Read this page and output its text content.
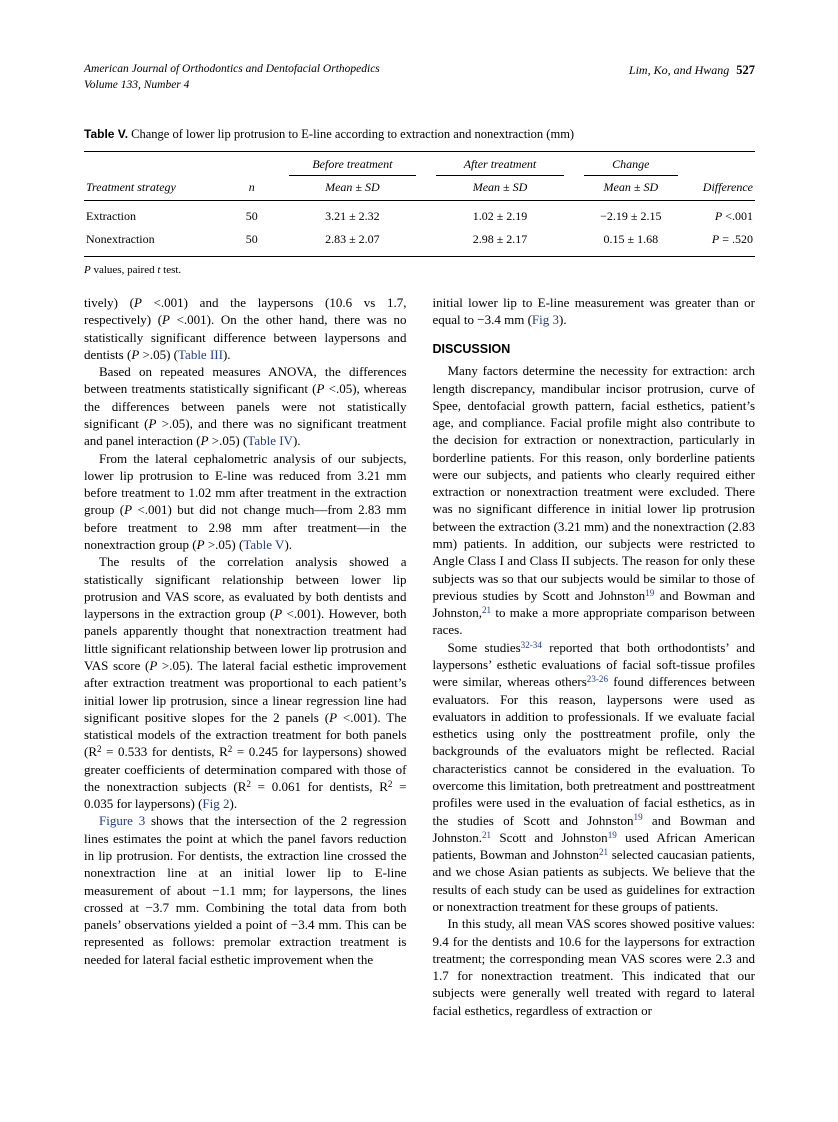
American Journal of Orthodontics and Dentofacial Orthopedics
Volume 133, Number 4
Lim, Ko, and Hwang 527

Table V. Change of lower lip protrusion to E-line according to extraction and nonextraction (mm)

		Before treatment	After treatment	Change	

Treatment strategy	n	Mean ± SD	Mean ± SD	Mean ± SD	Difference
Extraction	50	3.21 ± 2.32	1.02 ± 2.19	−2.19 ± 2.15	P <.001
Nonextraction	50	2.83 ± 2.07	2.98 ± 2.17	0.15 ± 1.68	P = .520

P values, paired t test.

tively) (P <.001) and the laypersons (10.6 vs 1.7, respectively) (P <.001). On the other hand, there was no statistically significant difference between laypersons and dentists (P >.05) (Table III).

Based on repeated measures ANOVA, the differences between treatments statistically significant (P <.05), whereas the differences between panels were not statistically significant (P >.05), and there was no significant treatment and panel interaction (P >.05) (Table IV).

From the lateral cephalometric analysis of our subjects, lower lip protrusion to E-line was reduced from 3.21 mm before treatment to 1.02 mm after treatment in the extraction group (P <.001) but did not change much—from 2.83 mm before treatment to 2.98 mm after treatment—in the nonextraction group (P >.05) (Table V).

The results of the correlation analysis showed a statistically significant relationship between lower lip protrusion and VAS score, as evaluated by both dentists and laypersons in the extraction group (P <.001). However, both panels apparently thought that nonextraction treatment had little significant relationship between lower lip protrusion and VAS score (P >.05). The lateral facial esthetic improvement after extraction treatment was proportional to each patient’s initial lower lip protrusion, since a linear regression line had significant positive slopes for the 2 panels (P <.001). The statistical models of the extraction treatment for both panels ($R^2 = 0.533$ for dentists, $R^2 = 0.245$ for laypersons) showed greater coefficients of determination compared with those of the nonextraction subjects ($R^2 = 0.061$ for dentists, $R^2 = 0.035$ for laypersons) (Fig 2).

Figure 3 shows that the intersection of the 2 regression lines estimates the point at which the panel favors reduction in lip protrusion. For dentists, the extraction line crossed the nonextraction line at an initial lower lip to E-line measurement of about −1.1 mm; for laypersons, the lines crossed at −3.7 mm. Combining the total data from both panels’ observations yielded a point of −3.4 mm. This can be represented as follows: premolar extraction treatment is needed for lateral facial esthetic improvement when the

initial lower lip to E-line measurement was greater than or equal to −3.4 mm (Fig 3).

DISCUSSION

Many factors determine the necessity for extraction: arch length discrepancy, mandibular incisor protrusion, curve of Spee, dentofacial growth pattern, facial esthetics, patient’s age, and compliance. Facial profile might also contribute to the decision for extraction or nonextraction, particularly in borderline patients. For this reason, only borderline patients were our subjects, and patients who clearly required either extraction or nonextraction treatment were excluded. There was no significant difference in initial lower lip protrusion between the extraction (3.21 mm) and the nonextraction (2.83 mm) patients. In addition, our subjects were restricted to Angle Class I and Class II subjects. The reason for only these subjects was so that our subjects would be similar to those of previous studies by Scott and Johnston$^{19}$ and Bowman and Johnston,$^{21}$ to make a more appropriate comparison between races.

Some studies$^{32-34}$ reported that both orthodontists’ and laypersons’ esthetic evaluations of facial soft-tissue profiles were similar, whereas others$^{23-26}$ found differences between evaluators. For this reason, laypersons were used as evaluators in addition to professionals. If we evaluate facial esthetics using only the posttreatment profile, only the backgrounds of the evaluators might be reflected. Racial characteristics cannot be considered in the evaluation. To overcome this limitation, both pretreatment and posttreatment profiles were used in the evaluation of facial esthetics, as in the studies of Scott and Johnston$^{19}$ and Bowman and Johnston.$^{21}$ Scott and Johnston$^{19}$ used African American patients, Bowman and Johnston$^{21}$ selected caucasian patients, and we chose Asian patients as subjects. We believe that the results of each study can be used as guidelines for extraction or nonextraction treatment for these groups of patients.

In this study, all mean VAS scores showed positive values: 9.4 for the dentists and 10.6 for the laypersons for extraction treatment; the corresponding mean VAS scores were 2.3 and 1.7 for nonextraction treatment. This indicated that our subjects were generally well treated with regard to lateral facial esthetics, regardless of extraction or
